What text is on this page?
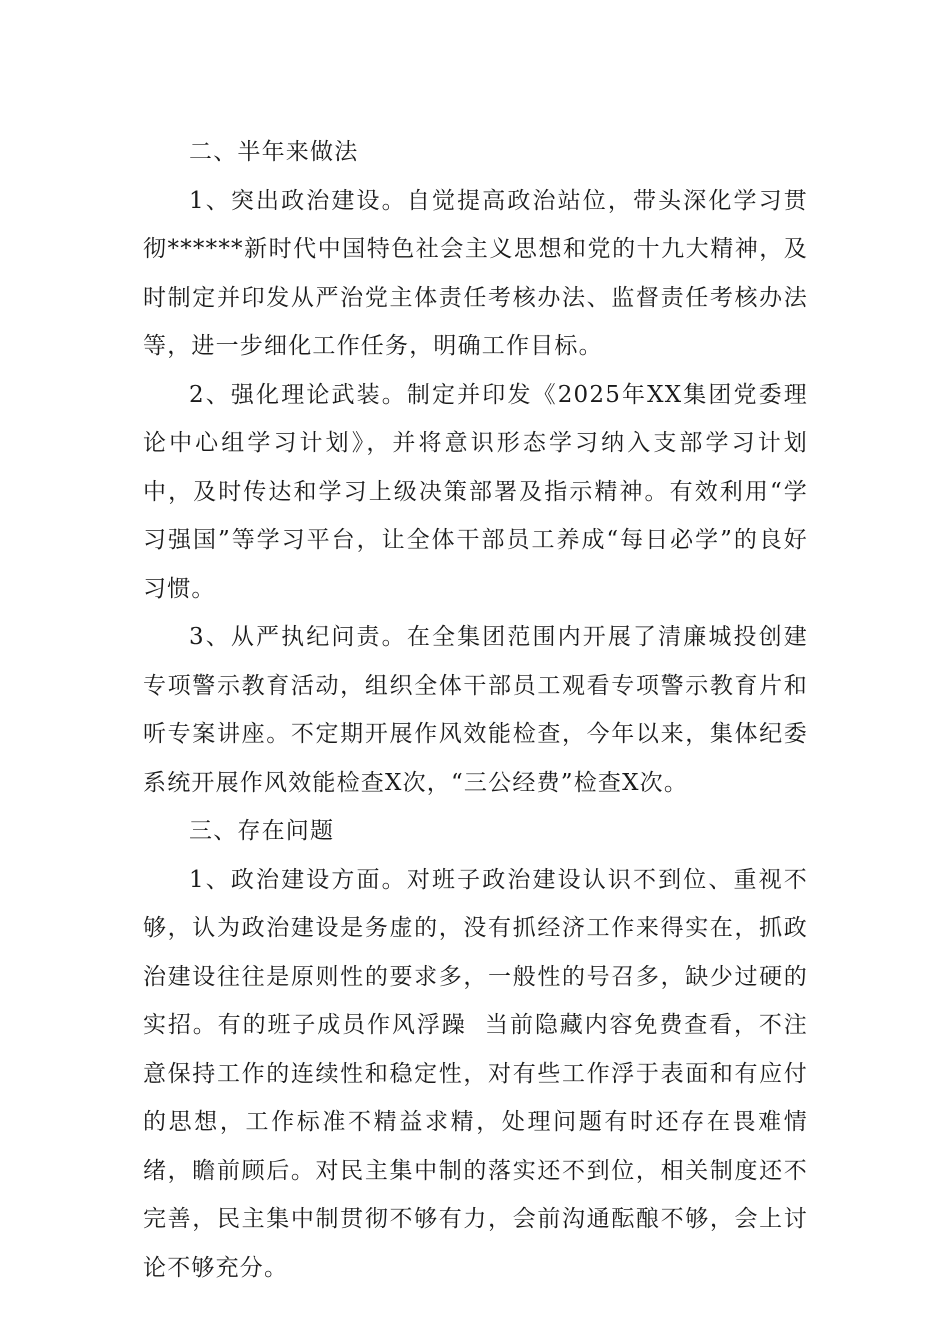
二、半年来做法

1、突出政治建设。自觉提高政治站位，带头深化学习贯彻******新时代中国特色社会主义思想和党的十九大精神，及时制定并印发从严治党主体责任考核办法、监督责任考核办法等，进一步细化工作任务，明确工作目标。

2、强化理论武装。制定并印发《2025年XX集团党委理论中心组学习计划》，并将意识形态学习纳入支部学习计划中，及时传达和学习上级决策部署及指示精神。有效利用“学习强国”等学习平台，让全体干部员工养成“每日必学”的良好习惯。

3、从严执纪问责。在全集团范围内开展了清廉城投创建专项警示教育活动，组织全体干部员工观看专项警示教育片和听专案讲座。不定期开展作风效能检查，今年以来，集体纪委系统开展作风效能检查X次，“三公经费”检查X次。

三、存在问题

1、政治建设方面。对班子政治建设认识不到位、重视不够，认为政治建设是务虚的，没有抓经济工作来得实在，抓政治建设往往是原则性的要求多，一般性的号召多，缺少过硬的实招。有的班子成员作风浮躁  当前隐藏内容免费查看，不注意保持工作的连续性和稳定性，对有些工作浮于表面和有应付的思想，工作标准不精益求精，处理问题有时还存在畏难情绪，瞻前顾后。对民主集中制的落实还不到位，相关制度还不完善，民主集中制贯彻不够有力，会前沟通酝酿不够，会上讨论不够充分。
